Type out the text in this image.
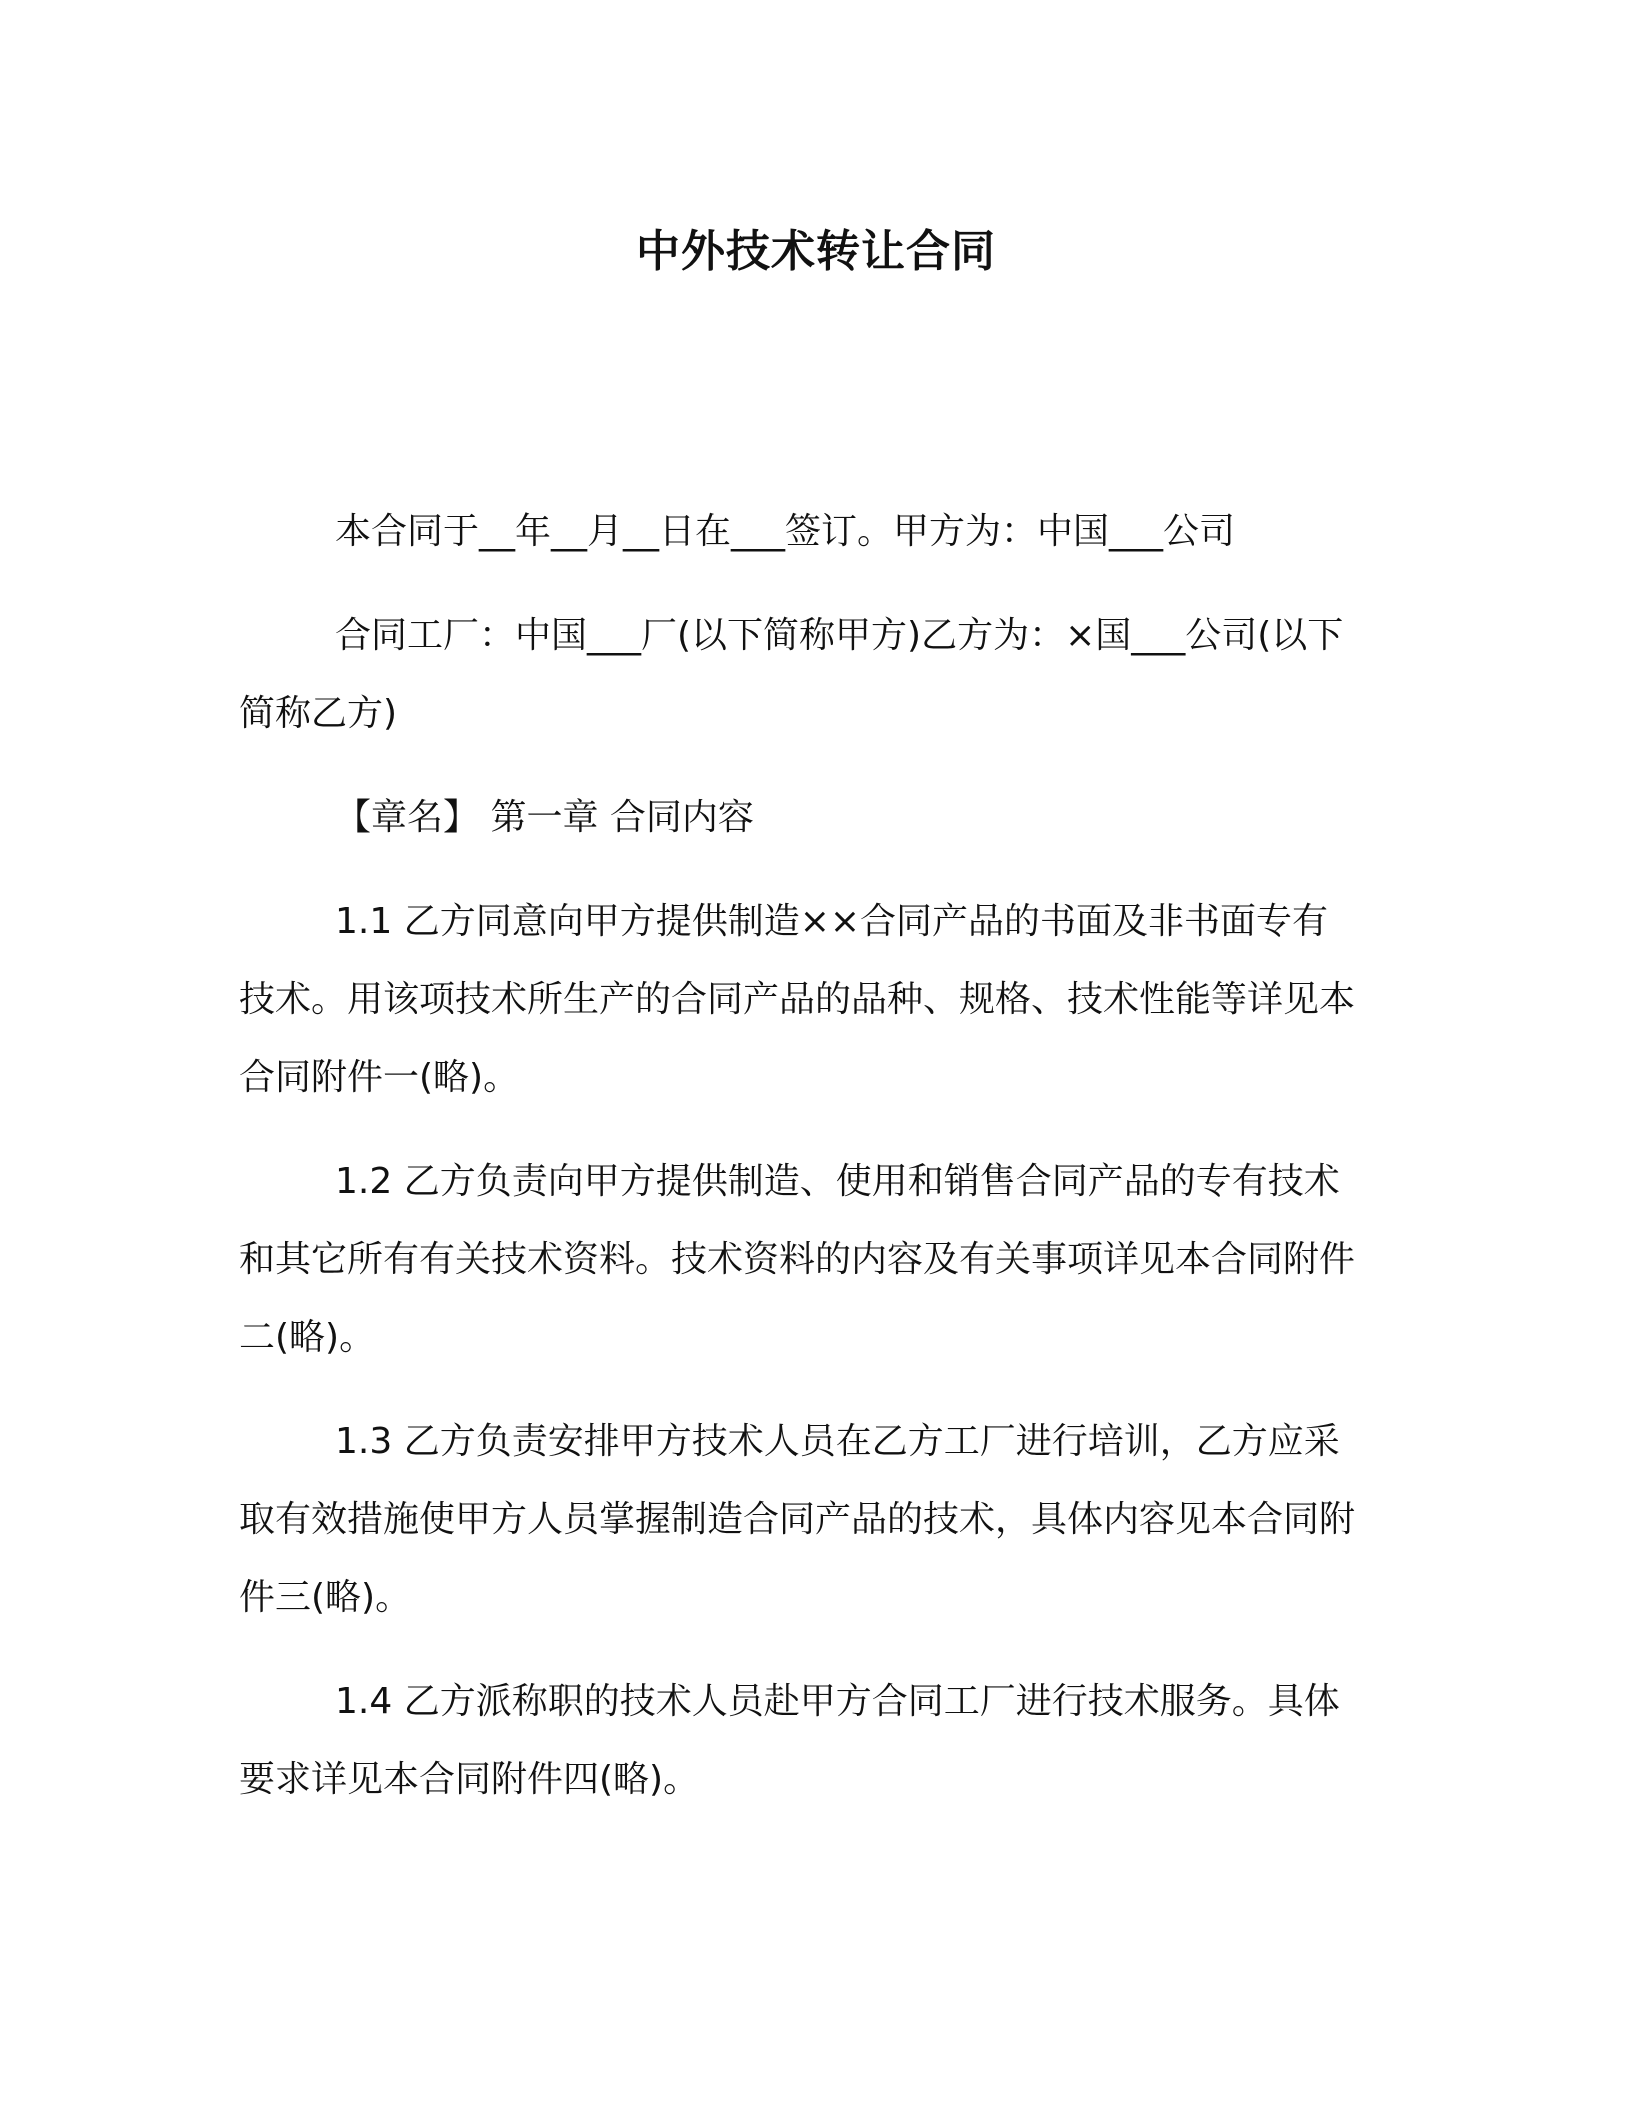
中外技术转让合同

本合同于__年__月__日在___签订。甲方为：中国___公司

合同工厂：中国___厂(以下简称甲方)乙方为：×国___公司(以下简称乙方)

【章名】 第一章 合同内容

1.1 乙方同意向甲方提供制造××合同产品的书面及非书面专有技术。用该项技术所生产的合同产品的品种、规格、技术性能等详见本合同附件一(略)。

1.2 乙方负责向甲方提供制造、使用和销售合同产品的专有技术和其它所有有关技术资料。技术资料的内容及有关事项详见本合同附件二(略)。

1.3 乙方负责安排甲方技术人员在乙方工厂进行培训，乙方应采取有效措施使甲方人员掌握制造合同产品的技术，具体内容见本合同附件三(略)。

1.4 乙方派称职的技术人员赴甲方合同工厂进行技术服务。具体要求详见本合同附件四(略)。
